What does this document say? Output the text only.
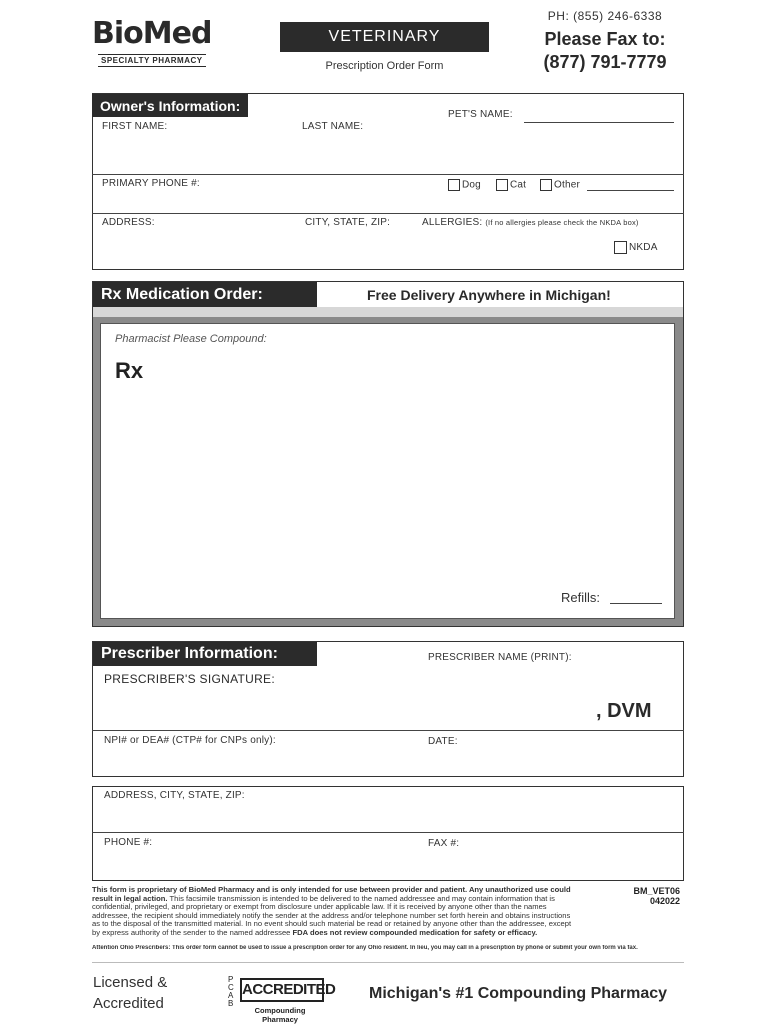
BioMed
SPECIALTY PHARMACY
VETERINARY
Prescription Order Form
PH: (855) 246-6338
Please Fax to:
(877) 791-7779
Owner's Information:
FIRST NAME:	LAST NAME:
PET'S NAME:
PRIMARY PHONE #:	Dog	Cat	Other
ADDRESS:	CITY, STATE, ZIP:	ALLERGIES: (If no allergies please check the NKDA box)
NKDA
Rx Medication Order:	Free Delivery Anywhere in Michigan!
Pharmacist Please Compound:
Rx
Refills:
Prescriber Information:	PRESCRIBER NAME (PRINT):
PRESCRIBER'S SIGNATURE:
, DVM
NPI# or DEA# (CTP# for CNPs only):	DATE:
ADDRESS, CITY, STATE, ZIP:
PHONE #:	FAX #:
This form is proprietary of BioMed Pharmacy and is only intended for use between provider and patient. Any unauthorized use could result in legal action. This facsimile transmission is intended to be delivered to the named addressee and may contain information that is confidential, privileged, and proprietary or exempt from disclosure under applicable law. If it is received by anyone other than the names addressee, the recipient should immediately notify the sender at the address and/or telephone number set forth herein and obtains instructions as to the disposal of the transmitted material. In no event should such material be read or retained by anyone other than the addressee, except by express authority of the sender to the named addressee FDA does not review compounded medication for safety or efficacy.
BM_VET06
042022
Attention Ohio Prescribers: This order form cannot be used to issue a prescription order for any Ohio resident. In lieu, you may call in a prescription by phone or submit your own form via fax.
Licensed &
Accredited
PCAB
ACCREDITED
Compounding Pharmacy
Michigan's #1 Compounding Pharmacy
